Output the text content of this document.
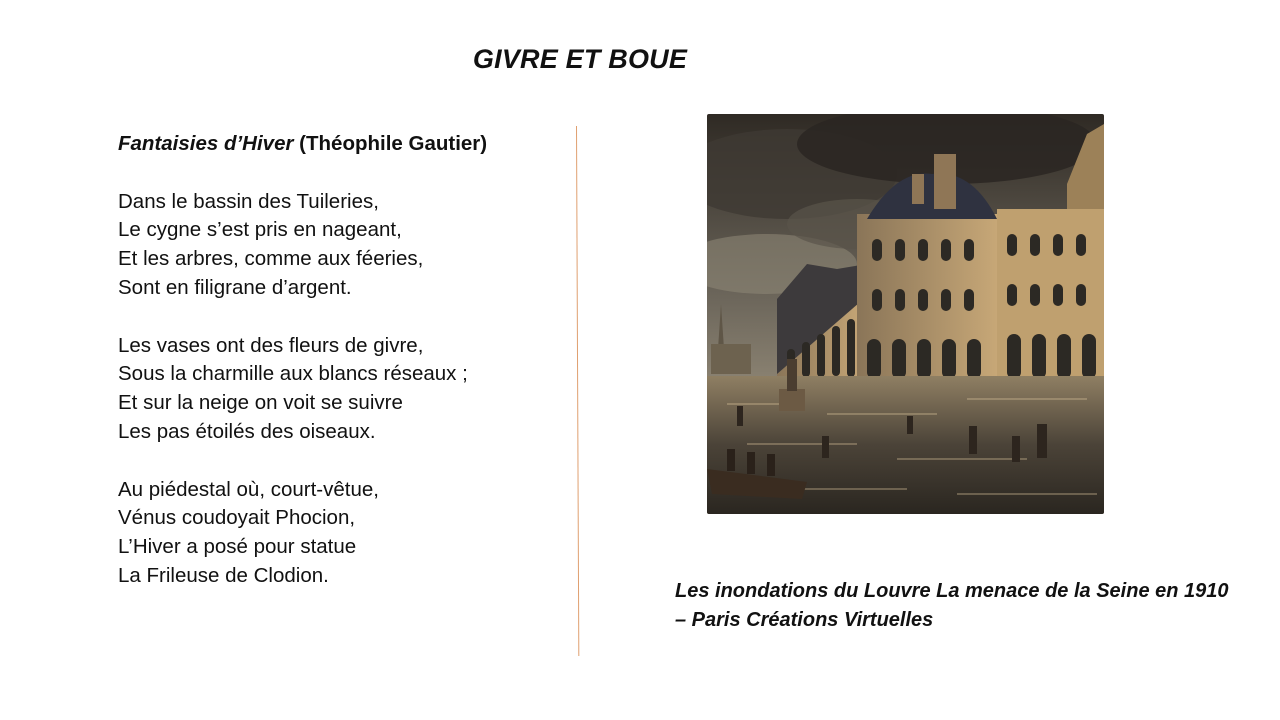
GIVRE ET BOUE

Fantaisies d’Hiver (Théophile Gautier)

Dans le bassin des Tuileries,
Le cygne s’est pris en nageant,
Et les arbres, comme aux féeries,
Sont en filigrane d’argent.

Les vases ont des fleurs de givre,
Sous la charmille aux blancs réseaux ;
Et sur la neige on voit se suivre
Les pas étoilés des oiseaux.

Au piédestal où, court-vêtue,
Vénus coudoyait Phocion,
L’Hiver a posé pour statue
La Frileuse de Clodion.

Les inondations du Louvre La menace de la Seine en 1910 – Paris Créations Virtuelles
